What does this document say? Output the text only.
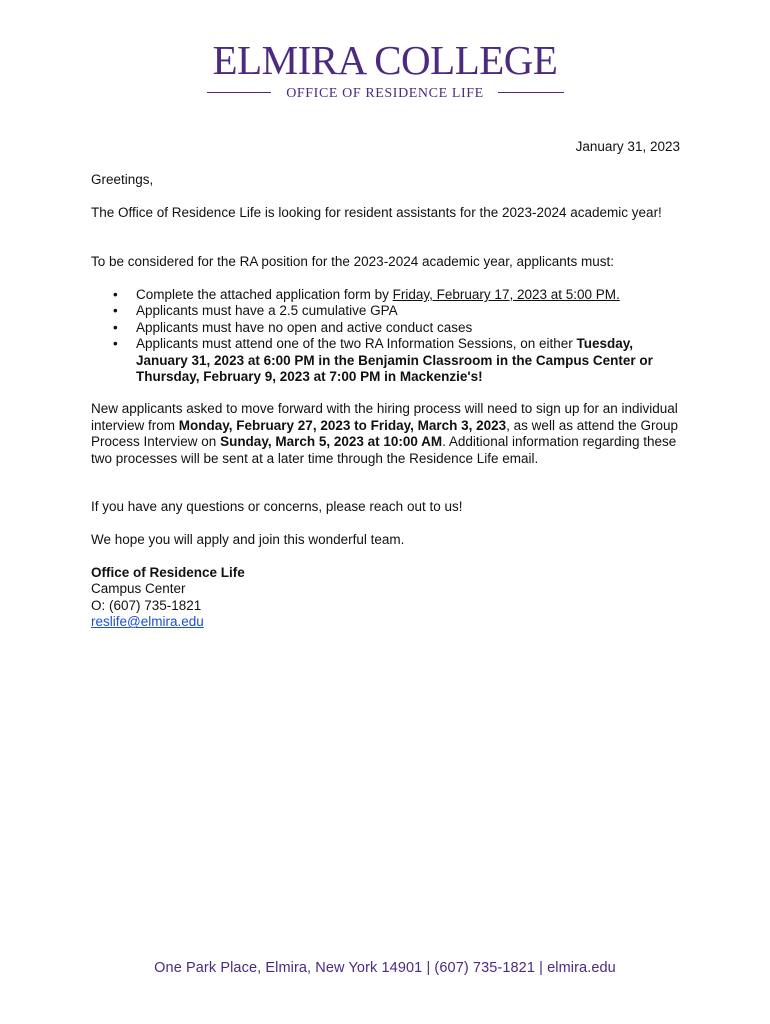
ELMIRA COLLEGE
OFFICE OF RESIDENCE LIFE

January 31, 2023

Greetings,

The Office of Residence Life is looking for resident assistants for the 2023-2024 academic year!

To be considered for the RA position for the 2023-2024 academic year, applicants must:

• Complete the attached application form by Friday, February 17, 2023 at 5:00 PM.
• Applicants must have a 2.5 cumulative GPA
• Applicants must have no open and active conduct cases
• Applicants must attend one of the two RA Information Sessions, on either Tuesday, January 31, 2023 at 6:00 PM in the Benjamin Classroom in the Campus Center or Thursday, February 9, 2023 at 7:00 PM in Mackenzie's!

New applicants asked to move forward with the hiring process will need to sign up for an individual interview from Monday, February 27, 2023 to Friday, March 3, 2023, as well as attend the Group Process Interview on Sunday, March 5, 2023 at 10:00 AM. Additional information regarding these two processes will be sent at a later time through the Residence Life email.

If you have any questions or concerns, please reach out to us!

We hope you will apply and join this wonderful team.

Office of Residence Life
Campus Center
O: (607) 735-1821
reslife@elmira.edu
One Park Place, Elmira, New York 14901 | (607) 735-1821 | elmira.edu
